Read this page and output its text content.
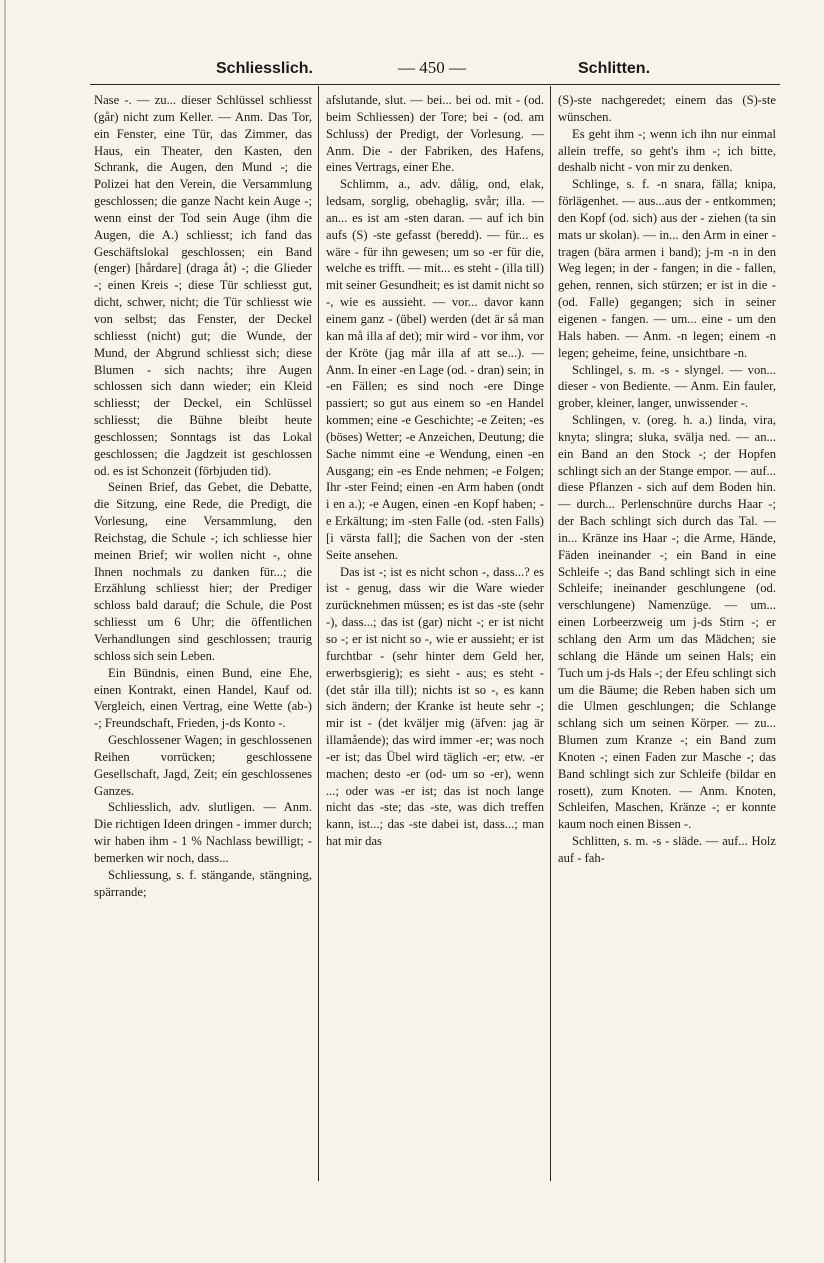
Schliesslich.	— 450 —	Schlitten.

Nase -. — zu... dieser Schlüssel schliesst (går) nicht zum Keller. — Anm. Das Tor, ein Fenster, eine Tür, das Zimmer, das Haus, ein Theater, den Kasten, den Schrank, die Augen, den Mund -; die Polizei hat den Verein, die Versammlung geschlossen; die ganze Nacht kein Auge -; wenn einst der Tod sein Auge (ihm die Augen, die A.) schliesst; ich fand das Geschäftslokal geschlossen; ein Band (enger) [hårdare] (draga åt) -; die Glieder -; einen Kreis -; diese Tür schliesst gut, dicht, schwer, nicht; die Tür schliesst wie von selbst; das Fenster, der Deckel schliesst (nicht) gut; die Wunde, der Mund, der Abgrund schliesst sich; diese Blumen - sich nachts; ihre Augen schlossen sich dann wieder; ein Kleid schliesst; der Deckel, ein Schlüssel schliesst; die Bühne bleibt heute geschlossen; Sonntags ist das Lokal geschlossen; die Jagdzeit ist geschlossen od. es ist Schonzeit (förbjuden tid).

Seinen Brief, das Gebet, die Debatte, die Sitzung, eine Rede, die Predigt, die Vorlesung, eine Versammlung, den Reichstag, die Schule -; ich schliesse hier meinen Brief; wir wollen nicht -, ohne Ihnen nochmals zu danken für...; die Erzählung schliesst hier; der Prediger schloss bald darauf; die Schule, die Post schliesst um 6 Uhr; die öffentlichen Verhandlungen sind geschlossen; traurig schloss sich sein Leben.

Ein Bündnis, einen Bund, eine Ehe, einen Kontrakt, einen Handel, Kauf od. Vergleich, einen Vertrag, eine Wette (ab-) -; Freundschaft, Frieden, j-ds Konto -.

Geschlossener Wagen; in geschlossenen Reihen vorrücken; geschlossene Gesellschaft, Jagd, Zeit; ein geschlossenes Ganzes.

Schliesslich, adv. slutligen. — Anm. Die richtigen Ideen dringen - immer durch; wir haben ihm - 1 % Nachlass bewilligt; - bemerken wir noch, dass...

Schliessung, s. f. stängande, stängning, spärrande;

afslutande, slut. — bei... bei od. mit - (od. beim Schliessen) der Tore; bei - (od. am Schluss) der Predigt, der Vorlesung. — Anm. Die - der Fabriken, des Hafens, eines Vertrags, einer Ehe.

Schlimm, a., adv. dålig, ond, elak, ledsam, sorglig, obehaglig, svår; illa. — an... es ist am -sten daran. — auf ich bin aufs (S) -ste gefasst (beredd). — für... es wäre - für ihn gewesen; um so -er für die, welche es trifft. — mit... es steht - (illa till) mit seiner Gesundheit; es ist damit nicht so -, wie es aussieht. — vor... davor kann einem ganz - (übel) werden (det är så man kan må illa af det); mir wird - vor ihm, vor der Kröte (jag mår illa af att se...). — Anm. In einer -en Lage (od. - dran) sein; in -en Fällen; es sind noch -ere Dinge passiert; so gut aus einem so -en Handel kommen; eine -e Geschichte; -e Zeiten; -es (böses) Wetter; -e Anzeichen, Deutung; die Sache nimmt eine -e Wendung, einen -en Ausgang; ein -es Ende nehmen; -e Folgen; Ihr -ster Feind; einen -en Arm haben (ondt i en a.); -e Augen, einen -en Kopf haben; -e Erkältung; im -sten Falle (od. -sten Falls) [i värsta fall]; die Sachen von der -sten Seite ansehen.

Das ist -; ist es nicht schon -, dass...? es ist - genug, dass wir die Ware wieder zurücknehmen müssen; es ist das -ste (sehr -), dass...; das ist (gar) nicht -; er ist nicht so -; er ist nicht so -, wie er aussieht; er ist furchtbar - (sehr hinter dem Geld her, erwerbsgierig); es sieht - aus; es steht - (det står illa till); nichts ist so -, es kann sich ändern; der Kranke ist heute sehr -; mir ist - (det kväljer mig (äfven: jag är illamående); das wird immer -er; was noch -er ist; das Übel wird täglich -er; etw. -er machen; desto -er (od- um so -er), wenn ...; oder was -er ist; das ist noch lange nicht das -ste; das -ste, was dich treffen kann, ist...; das -ste dabei ist, dass...; man hat mir das

(S)-ste nachgeredet; einem das (S)-ste wünschen.

Es geht ihm -; wenn ich ihn nur einmal allein treffe, so geht's ihm -; ich bitte, deshalb nicht - von mir zu denken.

Schlinge, s. f. -n snara, fälla; knipa, förlägenhet. — aus...aus der - entkommen; den Kopf (od. sich) aus der - ziehen (ta sin mats ur skolan). — in... den Arm in einer - tragen (bära armen i band); j-m -n in den Weg legen; in der - fangen; in die - fallen, gehen, rennen, sich stürzen; er ist in die - (od. Falle) gegangen; sich in seiner eigenen - fangen. — um... eine - um den Hals haben. — Anm. -n legen; einem -n legen; geheime, feine, unsichtbare -n.

Schlingel, s. m. -s - slyngel. — von... dieser - von Bediente. — Anm. Ein fauler, grober, kleiner, langer, unwissender -.

Schlingen, v. (oreg. h. a.) linda, vira, knyta; slingra; sluka, svälja ned. — an... ein Band an den Stock -; der Hopfen schlingt sich an der Stange empor. — auf... diese Pflanzen - sich auf dem Boden hin. — durch... Perlenschnüre durchs Haar -; der Bach schlingt sich durch das Tal. — in... Kränze ins Haar -; die Arme, Hände, Fäden ineinander -; ein Band in eine Schleife -; das Band schlingt sich in eine Schleife; ineinander geschlungene (od. verschlungene) Namenzüge. — um... einen Lorbeerzweig um j-ds Stirn -; er schlang den Arm um das Mädchen; sie schlang die Hände um seinen Hals; ein Tuch um j-ds Hals -; der Efeu schlingt sich um die Bäume; die Reben haben sich um die Ulmen geschlungen; die Schlange schlang sich um seinen Körper. — zu... Blumen zum Kranze -; ein Band zum Knoten -; einen Faden zur Masche -; das Band schlingt sich zur Schleife (bildar en rosett), zum Knoten. — Anm. Knoten, Schleifen, Maschen, Kränze -; er konnte kaum noch einen Bissen -.

Schlitten, s. m. -s - slädе. — auf... Holz auf - fah-
